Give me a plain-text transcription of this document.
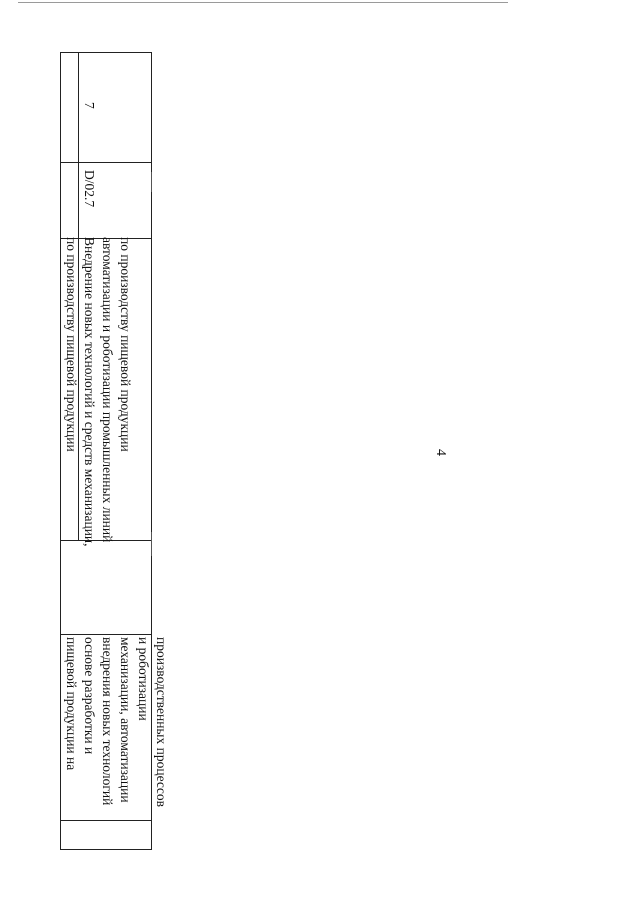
4
7
D/02.7
по производству пищевой продукции Внедрение новых технологий и средств механизации, автоматизации и роботизации промышленных линий по производству пищевой продукции
пищевой продукции на основе разработки и внедрения новых технологий механизации, автоматизации и роботизации производственных процессов
